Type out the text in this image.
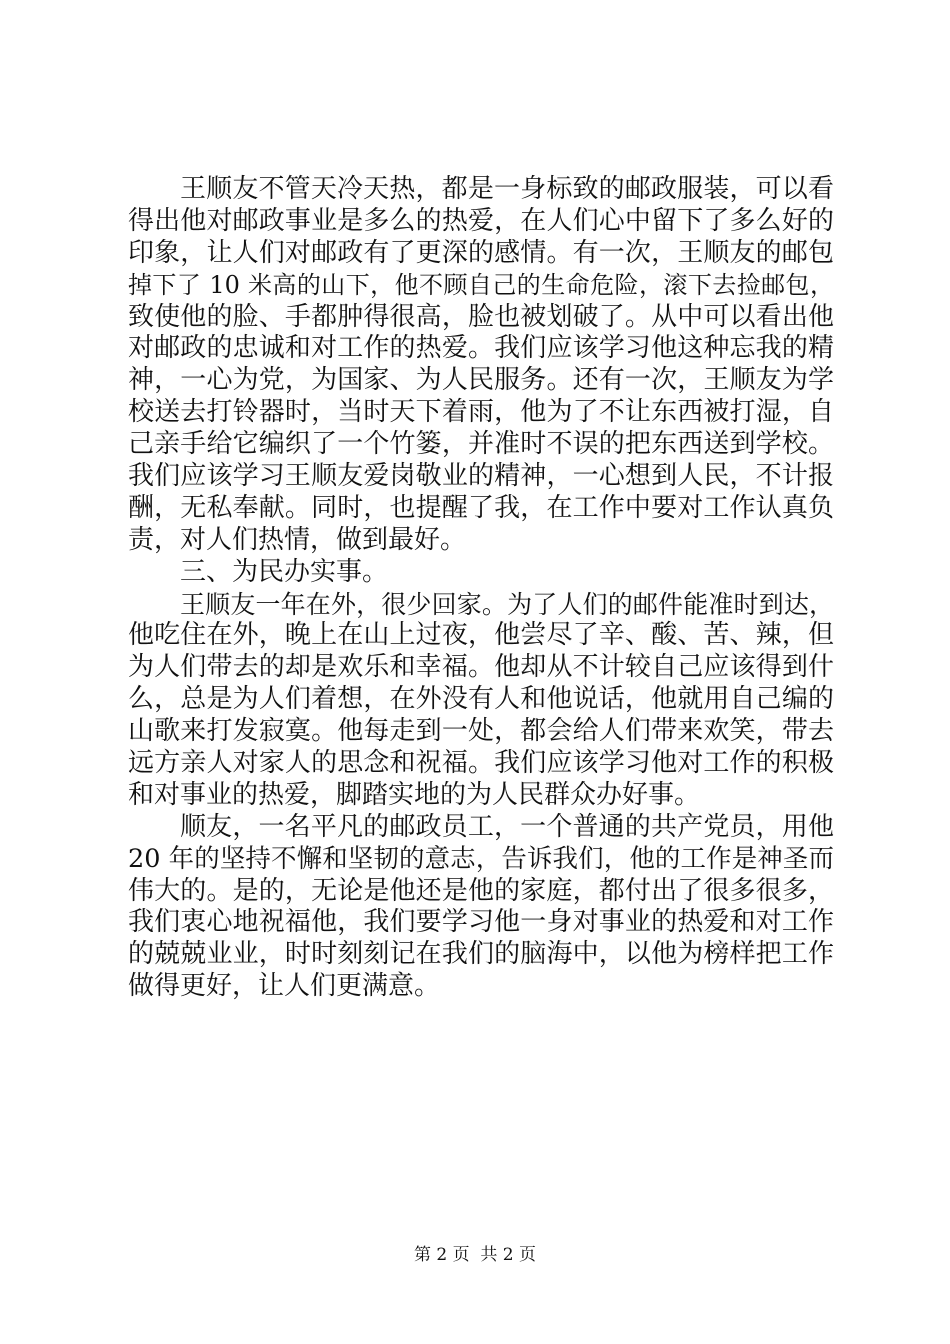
王顺友不管天冷天热，都是一身标致的邮政服装，可以看
得出他对邮政事业是多么的热爱，在人们心中留下了多么好的
印象，让人们对邮政有了更深的感情。有一次，王顺友的邮包
掉下了 10 米高的山下，他不顾自己的生命危险，滚下去捡邮包，
致使他的脸、手都肿得很高，脸也被划破了。从中可以看出他
对邮政的忠诚和对工作的热爱。我们应该学习他这种忘我的精
神，一心为党，为国家、为人民服务。还有一次，王顺友为学
校送去打铃器时，当时天下着雨，他为了不让东西被打湿，自
己亲手给它编织了一个竹篓，并准时不误的把东西送到学校。
我们应该学习王顺友爱岗敬业的精神，一心想到人民，不计报
酬，无私奉献。同时，也提醒了我，在工作中要对工作认真负
责，对人们热情，做到最好。
三、为民办实事。
王顺友一年在外，很少回家。为了人们的邮件能准时到达，
他吃住在外，晚上在山上过夜，他尝尽了辛、酸、苦、辣，但
为人们带去的却是欢乐和幸福。他却从不计较自己应该得到什
么，总是为人们着想，在外没有人和他说话，他就用自己编的
山歌来打发寂寞。他每走到一处，都会给人们带来欢笑，带去
远方亲人对家人的思念和祝福。我们应该学习他对工作的积极
和对事业的热爱，脚踏实地的为人民群众办好事。
顺友，一名平凡的邮政员工，一个普通的共产党员，用他
20 年的坚持不懈和坚韧的意志，告诉我们，他的工作是神圣而
伟大的。是的，无论是他还是他的家庭，都付出了很多很多，
我们衷心地祝福他，我们要学习他一身对事业的热爱和对工作
的兢兢业业，时时刻刻记在我们的脑海中，以他为榜样把工作
做得更好，让人们更满意。
第 2 页  共 2 页
